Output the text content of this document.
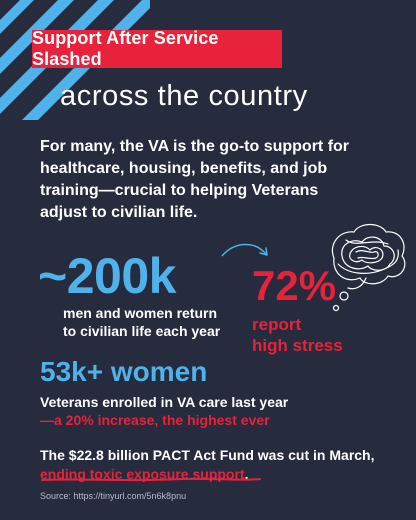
Support After Service Slashed
across the country
For many, the VA is the go-to support for
healthcare, housing, benefits, and job
training—crucial to helping Veterans
adjust to civilian life.
~200k
men and women return
to civilian life each year
72%
report
high stress
53k+ women
Veterans enrolled in VA care last year
—a 20% increase, the highest ever
The $22.8 billion PACT Act Fund was cut in March,
ending toxic exposure support.
Source: https://tinyurl.com/5n6k8pnu
